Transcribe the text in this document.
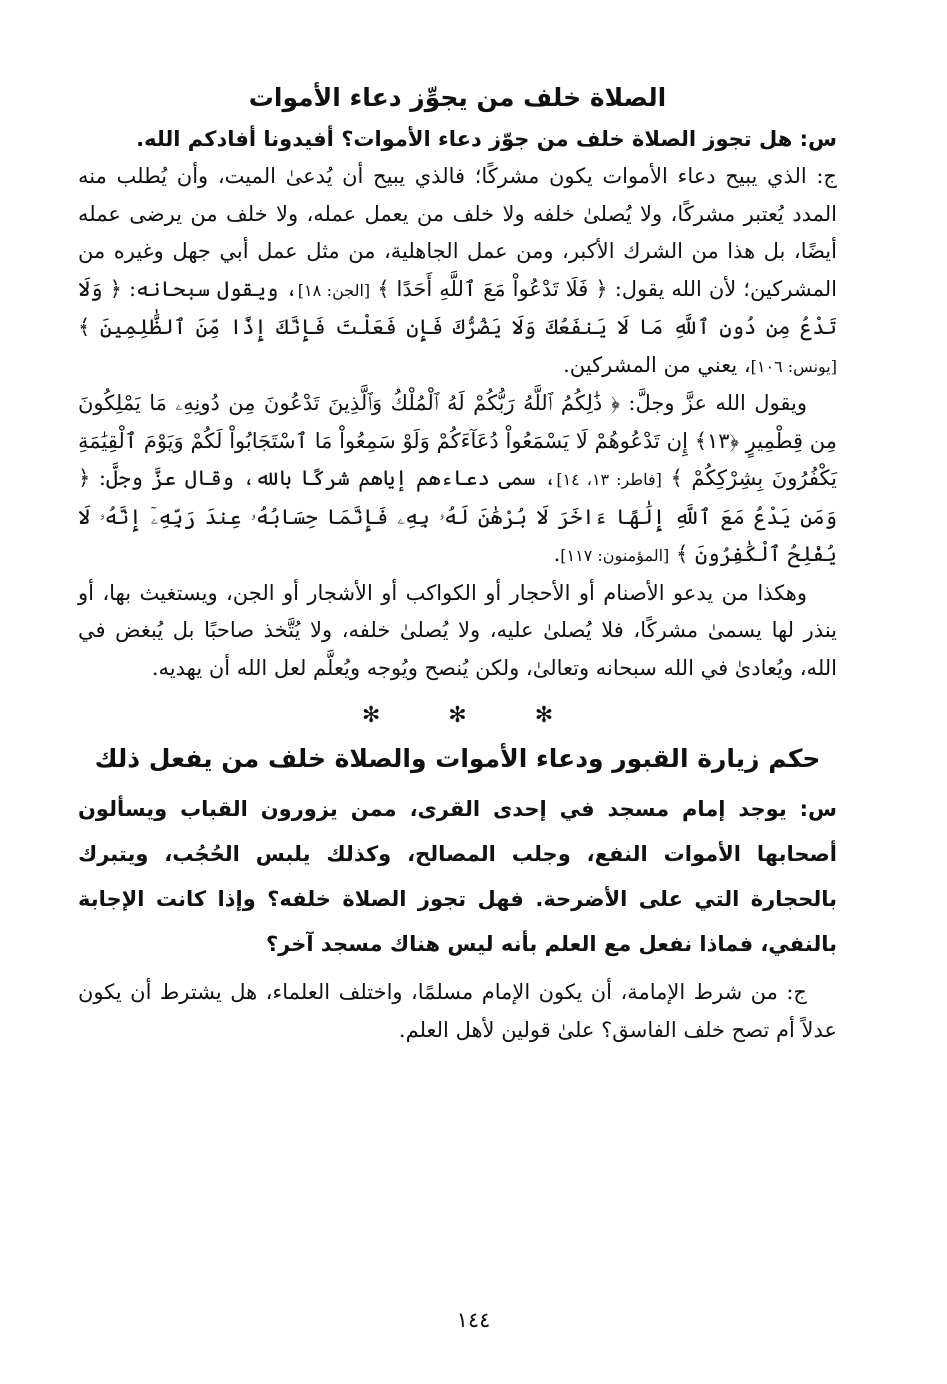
الصلاة خلف من يجوِّز دعاء الأموات

س: هل تجوز الصلاة خلف من جوّز دعاء الأموات؟ أفيدونا أفادكم الله.

ج: الذي يبيح دعاء الأموات يكون مشركًا؛ فالذي يبيح أن يُدعىٰ الميت، وأن يُطلب منه المدد يُعتبر مشركًا، ولا يُصلىٰ خلفه ولا خلف من يعمل عمله، ولا خلف من يرضى عمله أيضًا، بل هذا من الشرك الأكبر، ومن عمل الجاهلية، من مثل عمل أبي جهل وغيره من المشركين؛ لأن الله يقول: ﴿ فَلَا تَدْعُواْ مَعَ ٱللَّهِ أَحَدًا ﴾ [الجن: ١٨]، ويقول سبحانه: ﴿ وَلَا تَدْعُ مِن دُونِ ٱللَّهِ مَا لَا يَنفَعُكَ وَلَا يَضُرُّكَ فَإِن فَعَلْتَ فَإِنَّكَ إِذًا مِّنَ ٱلظَّٰلِمِينَ ﴾ [يونس: ١٠٦]، يعني من المشركين.

ويقول الله عزَّ وجلَّ: ﴿ ذَٰلِكُمُ ٱللَّهُ رَبُّكُمْ لَهُ ٱلْمُلْكُ وَٱلَّذِينَ تَدْعُونَ مِن دُونِهِۦ مَا يَمْلِكُونَ مِن قِطْمِيرٍ ﴿١٣﴾ إِن تَدْعُوهُمْ لَا يَسْمَعُواْ دُعَآءَكُمْ وَلَوْ سَمِعُواْ مَا ٱسْتَجَابُواْ لَكُمْ وَيَوْمَ ٱلْقِيَٰمَةِ يَكْفُرُونَ بِشِرْكِكُمْ ﴾ [فاطر: ١٣، ١٤]، سمى دعاءهم إياهم شركًا بالله، وقال عزَّ وجلَّ: ﴿ وَمَن يَدْعُ مَعَ ٱللَّهِ إِلَٰهًا ءَاخَرَ لَا بُرْهَٰنَ لَهُۥ بِهِۦ فَإِنَّمَا حِسَابُهُۥ عِندَ رَبِّهِۦٓ إِنَّهُۥ لَا يُفْلِحُ ٱلْكَٰفِرُونَ ﴾ [المؤمنون: ١١٧].

وهكذا من يدعو الأصنام أو الأحجار أو الكواكب أو الأشجار أو الجن، ويستغيث بها، أو ينذر لها يسمىٰ مشركًا، فلا يُصلىٰ عليه، ولا يُصلىٰ خلفه، ولا يُتَّخذ صاحبًا بل يُبغض في الله، ويُعادىٰ في الله سبحانه وتعالىٰ، ولكن يُنصح ويُوجه ويُعلَّم لعل الله أن يهديه.

✻✻✻
حكم زيارة القبور ودعاء الأموات والصلاة خلف من يفعل ذلك

س: يوجد إمام مسجد في إحدى القرى، ممن يزورون القباب ويسألون أصحابها الأموات النفع، وجلب المصالح، وكذلك يلبس الحُجُب، ويتبرك بالحجارة التي على الأضرحة. فهل تجوز الصلاة خلفه؟ وإذا كانت الإجابة بالنفي، فماذا نفعل مع العلم بأنه ليس هناك مسجد آخر؟

ج: من شرط الإمامة، أن يكون الإمام مسلمًا، واختلف العلماء، هل يشترط أن يكون عدلاً أم تصح خلف الفاسق؟ علىٰ قولين لأهل العلم.

١٤٤
